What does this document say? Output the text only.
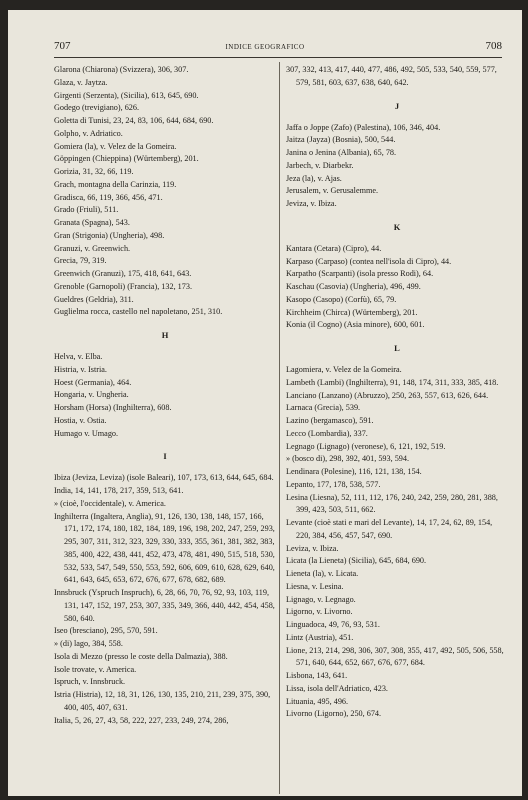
707	INDICE GEOGRAFICO	708
Glarona (Chiarona) (Svizzera), 306, 307.
Glaza, v. Jaytza.
Girgenti (Serzenta), (Sicilia), 613, 645, 690.
Godego (trevigiano), 626.
Goletta di Tunisi, 23, 24, 83, 106, 644, 684, 690.
Golpho, v. Adriatico.
Gomiera (la), v. Velez de la Gomeira.
Göppingen (Chieppina) (Würtemberg), 201.
Gorizia, 31, 32, 66, 119.
Grach, montagna della Carinzia, 119.
Gradisca, 66, 119, 366, 456, 471.
Grado (Friuli), 511.
Granata (Spagna), 543.
Gran (Strigonia) (Ungheria), 498.
Granuzi, v. Greenwich.
Grecia, 79, 319.
Greenwich (Granuzi), 175, 418, 641, 643.
Grenoble (Garnopoli) (Francia), 132, 173.
Gueldres (Geldria), 311.
Guglielma rocca, castello nel napoletano, 251, 310.
H
Helva, v. Elba.
Histria, v. Istria.
Hoest (Germania), 464.
Hongaria, v. Ungheria.
Horsham (Horsa) (Inghilterra), 608.
Hostia, v. Ostia.
Humago v. Umago.
I
Ibiza (Jeviza, Leviza) (isole Baleari), 107, 173, 613, 644, 645, 684.
India, 14, 141, 178, 217, 359, 513, 641.
» (cioè, l'occidentale), v. America.
Inghilterra (Ingaltera, Anglia), 91, 126, 130, 138, 148, 157, 166, 171, 172, 174, 180, 182, 184, 189, 196, 198, 202, 247, 259, 293, 295, 307, 311, 312, 323, 329, 330, 333, 355, 361, 381, 382, 383, 385, 400, 422, 438, 441, 452, 473, 478, 481, 490, 515, 518, 530, 532, 533, 547, 549, 550, 553, 592, 606, 609, 610, 628, 629, 640, 641, 643, 645, 653, 672, 676, 677, 678, 682, 689.
Innsbruck (Yspruch Inspruch), 6, 28, 66, 70, 76, 92, 93, 103, 119, 131, 147, 152, 197, 253, 307, 335, 349, 366, 440, 442, 454, 458, 580, 640.
Iseo (bresciano), 295, 570, 591.
» (di) lago, 384, 558.
Isola di Mezzo (presso le coste della Dalmazia), 388.
Isole trovate, v. America.
Ispruch, v. Innsbruck.
Istria (Histria), 12, 18, 31, 126, 130, 135, 210, 211, 239, 375, 390, 400, 405, 407, 631.
Italia, 5, 26, 27, 43, 58, 222, 227, 233, 249, 274, 286,
307, 332, 413, 417, 440, 477, 486, 492, 505, 533, 540, 559, 577, 579, 581, 603, 637, 638, 640, 642.
J
Jaffa o Joppe (Zafo) (Palestina), 106, 346, 404.
Jaitza (Jayza) (Bosnia), 500, 544.
Janina o Jenina (Albania), 65, 78.
Jarbech, v. Diarbekr.
Jeza (la), v. Ajas.
Jerusalem, v. Gerusalemme.
Jeviza, v. Ibiza.
K
Kantara (Cetara) (Cipro), 44.
Karpaso (Carpaso) (contea nell'isola di Cipro), 44.
Karpatho (Scarpanti) (isola presso Rodi), 64.
Kaschau (Casovia) (Ungheria), 496, 499.
Kasopo (Casopo) (Corfù), 65, 79.
Kirchheim (Chirca) (Würtemberg), 201.
Konia (il Cogno) (Asia minore), 600, 601.
L
Lagomiera, v. Velez de la Gomeira.
Lambeth (Lambi) (Inghilterra), 91, 148, 174, 311, 333, 385, 418.
Lanciano (Lanzano) (Abruzzo), 250, 263, 557, 613, 626, 644.
Larnaca (Grecia), 539.
Lazino (bergamasco), 591.
Lecco (Lombardia), 337.
Legnago (Lignago) (veronese), 6, 121, 192, 519.
» (bosco di), 298, 392, 401, 593, 594.
Lendinara (Polesine), 116, 121, 138, 154.
Lepanto, 177, 178, 538, 577.
Lesina (Liesna), 52, 111, 112, 176, 240, 242, 259, 280, 281, 388, 399, 423, 503, 511, 662.
Levante (cioè stati e mari del Levante), 14, 17, 24, 62, 89, 154, 220, 384, 456, 457, 547, 690.
Leviza, v. Ibiza.
Licata (la Lieneta) (Sicilia), 645, 684, 690.
Lieneta (la), v. Licata.
Liesna, v. Lesina.
Lignago, v. Legnago.
Ligorno, v. Livorno.
Linguadoca, 49, 76, 93, 531.
Lintz (Austria), 451.
Lione, 213, 214, 298, 306, 307, 308, 355, 417, 492, 505, 506, 558, 571, 640, 644, 652, 667, 676, 677, 684.
Lisbona, 143, 641.
Lissa, isola dell'Adriatico, 423.
Lituania, 495, 496.
Livorno (Ligorno), 250, 674.
